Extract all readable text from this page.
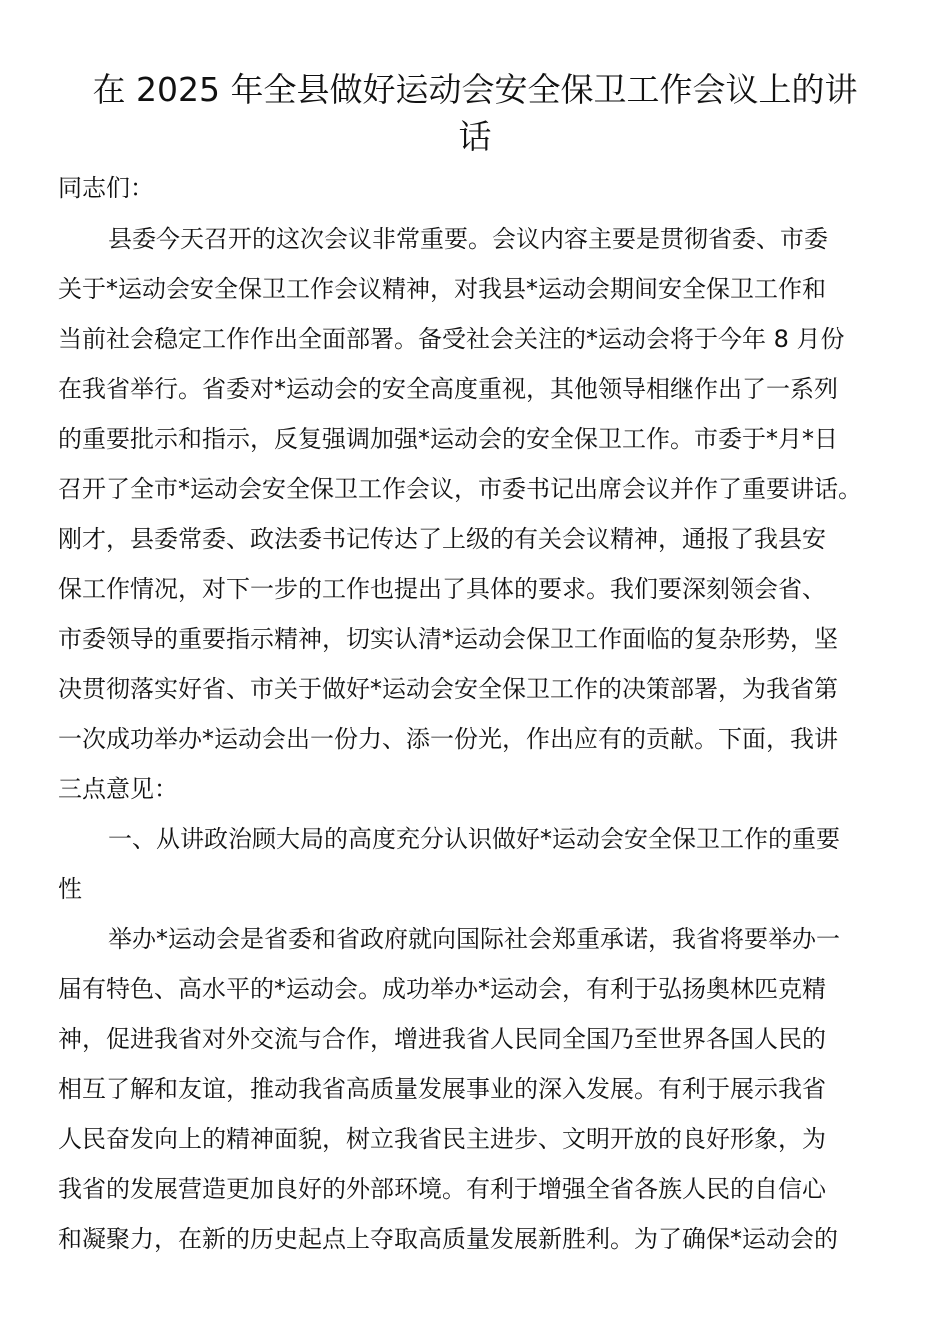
在 2025 年全县做好运动会安全保卫工作会议上的讲
话
同志们：
县委今天召开的这次会议非常重要。会议内容主要是贯彻省委、市委
关于*运动会安全保卫工作会议精神，对我县*运动会期间安全保卫工作和
当前社会稳定工作作出全面部署。备受社会关注的*运动会将于今年 8 月份
在我省举行。省委对*运动会的安全高度重视，其他领导相继作出了一系列
的重要批示和指示，反复强调加强*运动会的安全保卫工作。市委于*月*日
召开了全市*运动会安全保卫工作会议，市委书记出席会议并作了重要讲话。
刚才，县委常委、政法委书记传达了上级的有关会议精神，通报了我县安
保工作情况，对下一步的工作也提出了具体的要求。我们要深刻领会省、
市委领导的重要指示精神，切实认清*运动会保卫工作面临的复杂形势，坚
决贯彻落实好省、市关于做好*运动会安全保卫工作的决策部署，为我省第
一次成功举办*运动会出一份力、添一份光，作出应有的贡献。下面，我讲
三点意见：
一、从讲政治顾大局的高度充分认识做好*运动会安全保卫工作的重要
性
举办*运动会是省委和省政府就向国际社会郑重承诺，我省将要举办一
届有特色、高水平的*运动会。成功举办*运动会，有利于弘扬奥林匹克精
神，促进我省对外交流与合作，增进我省人民同全国乃至世界各国人民的
相互了解和友谊，推动我省高质量发展事业的深入发展。有利于展示我省
人民奋发向上的精神面貌，树立我省民主进步、文明开放的良好形象，为
我省的发展营造更加良好的外部环境。有利于增强全省各族人民的自信心
和凝聚力，在新的历史起点上夺取高质量发展新胜利。为了确保*运动会的
